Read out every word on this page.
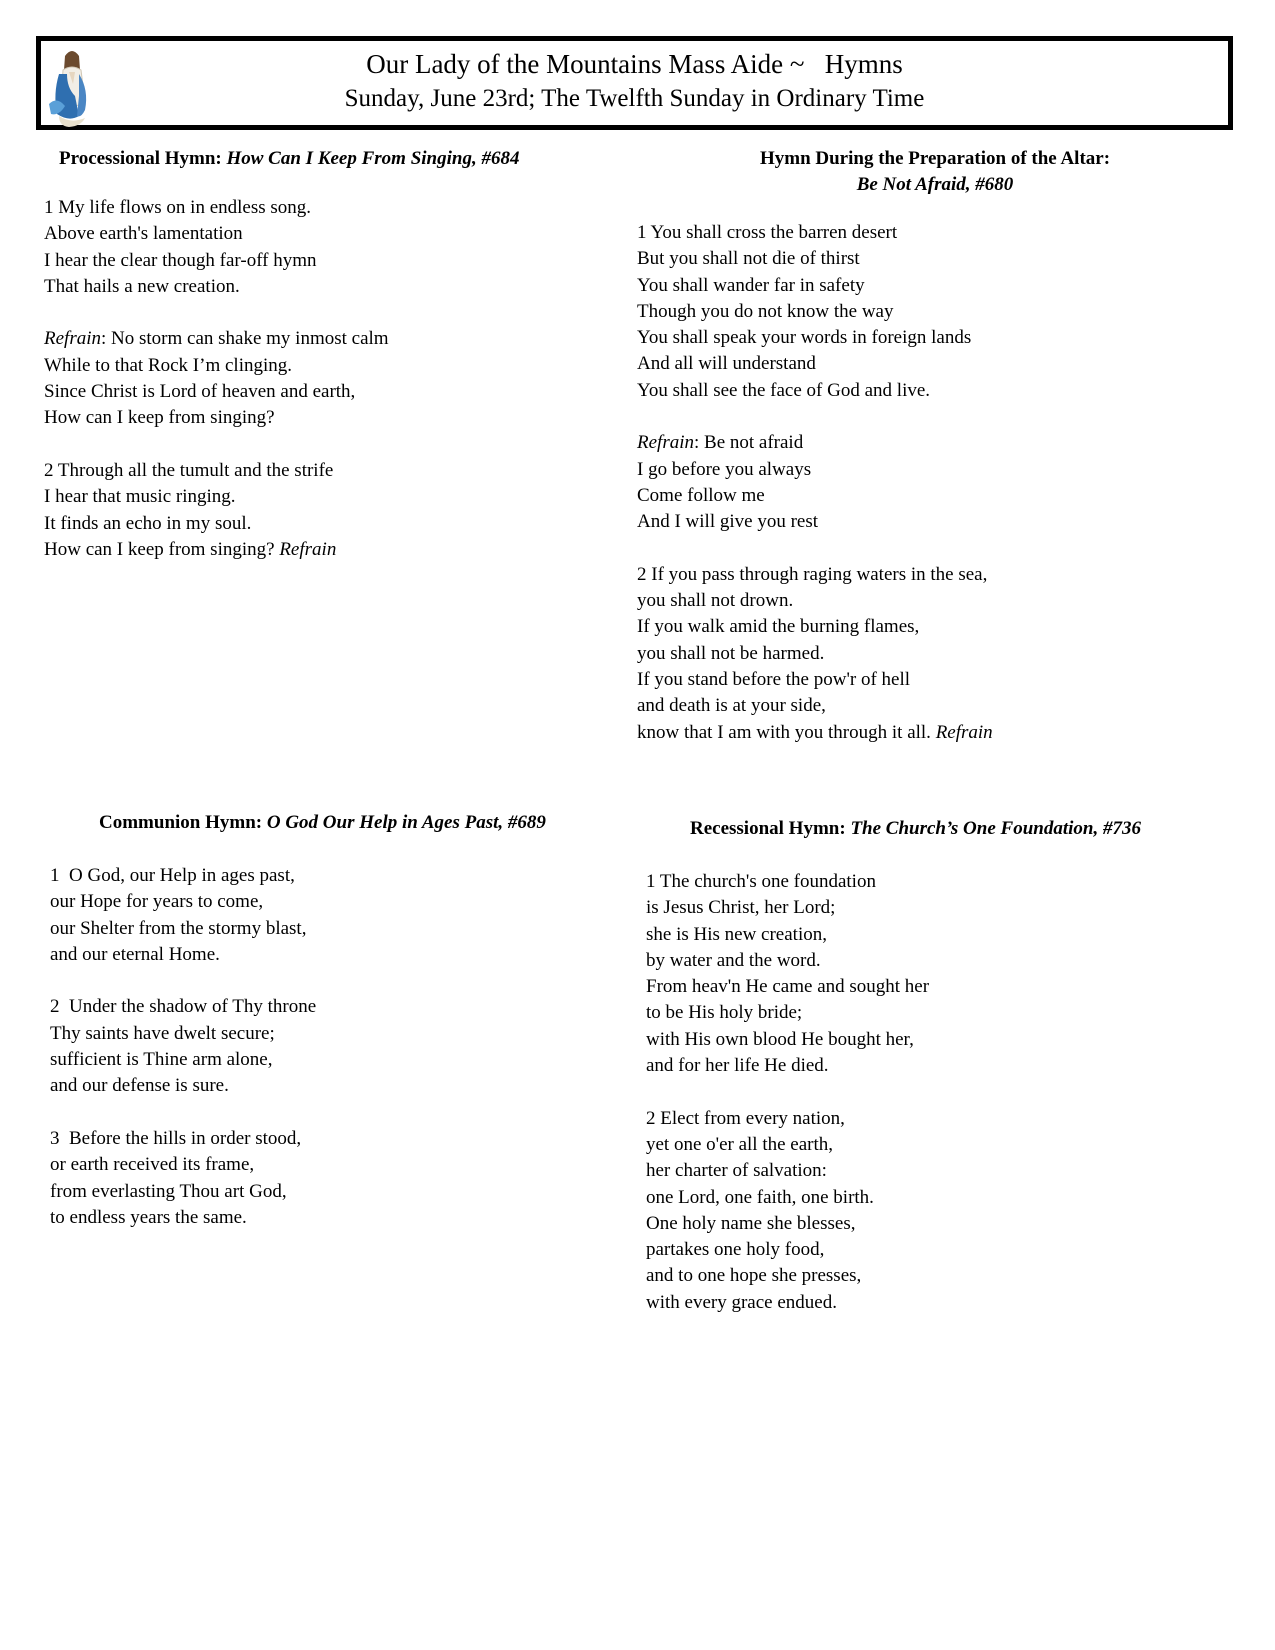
Our Lady of the Mountains Mass Aide ~   Hymns
Sunday, June 23rd; The Twelfth Sunday in Ordinary Time
Processional Hymn: How Can I Keep From Singing, #684
1 My life flows on in endless song.
Above earth's lamentation
I hear the clear though far-off hymn
That hails a new creation.
Refrain: No storm can shake my inmost calm
While to that Rock I’m clinging.
Since Christ is Lord of heaven and earth,
How can I keep from singing?
2 Through all the tumult and the strife
I hear that music ringing.
It finds an echo in my soul.
How can I keep from singing? Refrain
Hymn During the Preparation of the Altar:
Be Not Afraid, #680
1 You shall cross the barren desert
But you shall not die of thirst
You shall wander far in safety
Though you do not know the way
You shall speak your words in foreign lands
And all will understand
You shall see the face of God and live.
Refrain: Be not afraid
I go before you always
Come follow me
And I will give you rest
2 If you pass through raging waters in the sea,
you shall not drown.
If you walk amid the burning flames,
you shall not be harmed.
If you stand before the pow'r of hell
and death is at your side,
know that I am with you through it all. Refrain
Communion Hymn: O God Our Help in Ages Past, #689
1  O God, our Help in ages past,
our Hope for years to come,
our Shelter from the stormy blast,
and our eternal Home.
2  Under the shadow of Thy throne
Thy saints have dwelt secure;
sufficient is Thine arm alone,
and our defense is sure.
3  Before the hills in order stood,
or earth received its frame,
from everlasting Thou art God,
to endless years the same.
Recessional Hymn: The Church’s One Foundation, #736
1 The church's one foundation
is Jesus Christ, her Lord;
she is His new creation,
by water and the word.
From heav'n He came and sought her
to be His holy bride;
with His own blood He bought her,
and for her life He died.
2 Elect from every nation,
yet one o'er all the earth,
her charter of salvation:
one Lord, one faith, one birth.
One holy name she blesses,
partakes one holy food,
and to one hope she presses,
with every grace endued.
